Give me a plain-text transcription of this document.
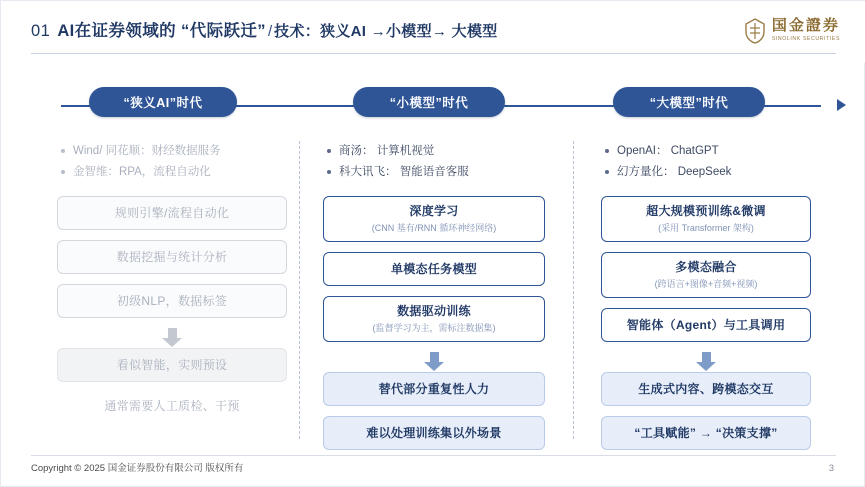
01 AI在证券领域的 “代际跃迁” / 技术：狭义AI →小模型→ 大模型	国金證券
SINOLINK SECURITIES
“狭义AI”时代	“小模型”时代	“大模型”时代
Wind/ 同花顺：财经数据服务
金智维：RPA，流程自动化
规则引擎/流程自动化
数据挖掘与统计分析
初级NLP，数据标签
看似智能，实则预设
通常需要人工质检、干预
商汤： 计算机视觉
科大讯飞： 智能语音客服
深度学习
(CNN 基有/RNN 循环神经网络)
单模态任务模型
数据驱动训练
(监督学习为主，需标注数据集)
替代部分重复性人力
难以处理训练集以外场景
OpenAI： ChatGPT
幻方量化： DeepSeek
超大规模预训练&微调
(采用 Transformer 架构)
多模态融合
(跨语言+图像+音频+视频)
智能体（Agent）与工具调用
生成式内容、跨模态交互
“工具赋能” → “决策支撑”
Copyright © 2025 国金证券股份有限公司 版权所有	3
